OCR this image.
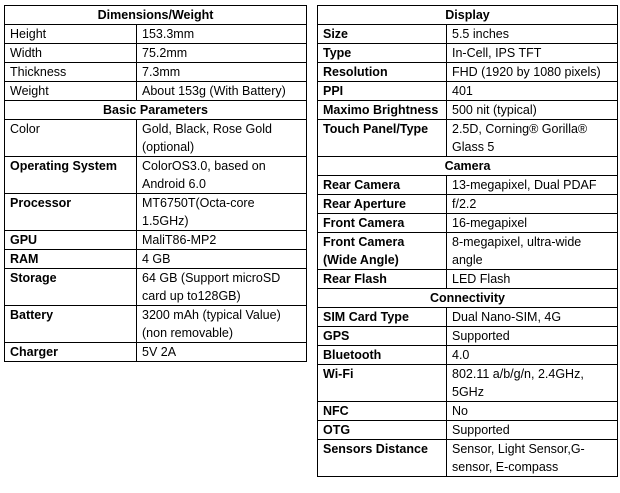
Dimensions/Weight	
Height	153.3mm
Width	75.2mm
Thickness	7.3mm
Weight	About 153g (With Battery)
Basic Parameters	
Color	Gold, Black, Rose Gold (optional)
Operating System	ColorOS3.0, based on Android 6.0
Processor	MT6750T(Octa-core 1.5GHz)
GPU	MaliT86-MP2
RAM	4 GB
Storage	64 GB (Support microSD card up to128GB)
Battery	3200 mAh (typical Value) (non removable)
Charger	5V 2A
Display	
Size	5.5 inches
Type	In-Cell, IPS TFT
Resolution	FHD (1920 by 1080 pixels)
PPI	401
Maximo Brightness	500 nit (typical)
Touch Panel/Type	2.5D, Corning® Gorilla® Glass 5
Camera	
Rear Camera	13-megapixel, Dual PDAF
Rear Aperture	f/2.2
Front Camera	16-megapixel
Front Camera (Wide Angle)	8-megapixel, ultra-wide angle
Rear Flash	LED Flash
Connectivity	
SIM Card Type	Dual Nano-SIM, 4G
GPS	Supported
Bluetooth	4.0
Wi-Fi	802.11 a/b/g/n, 2.4GHz, 5GHz
NFC	No
OTG	Supported
Sensors Distance	Sensor, Light Sensor,G-sensor, E-compass
